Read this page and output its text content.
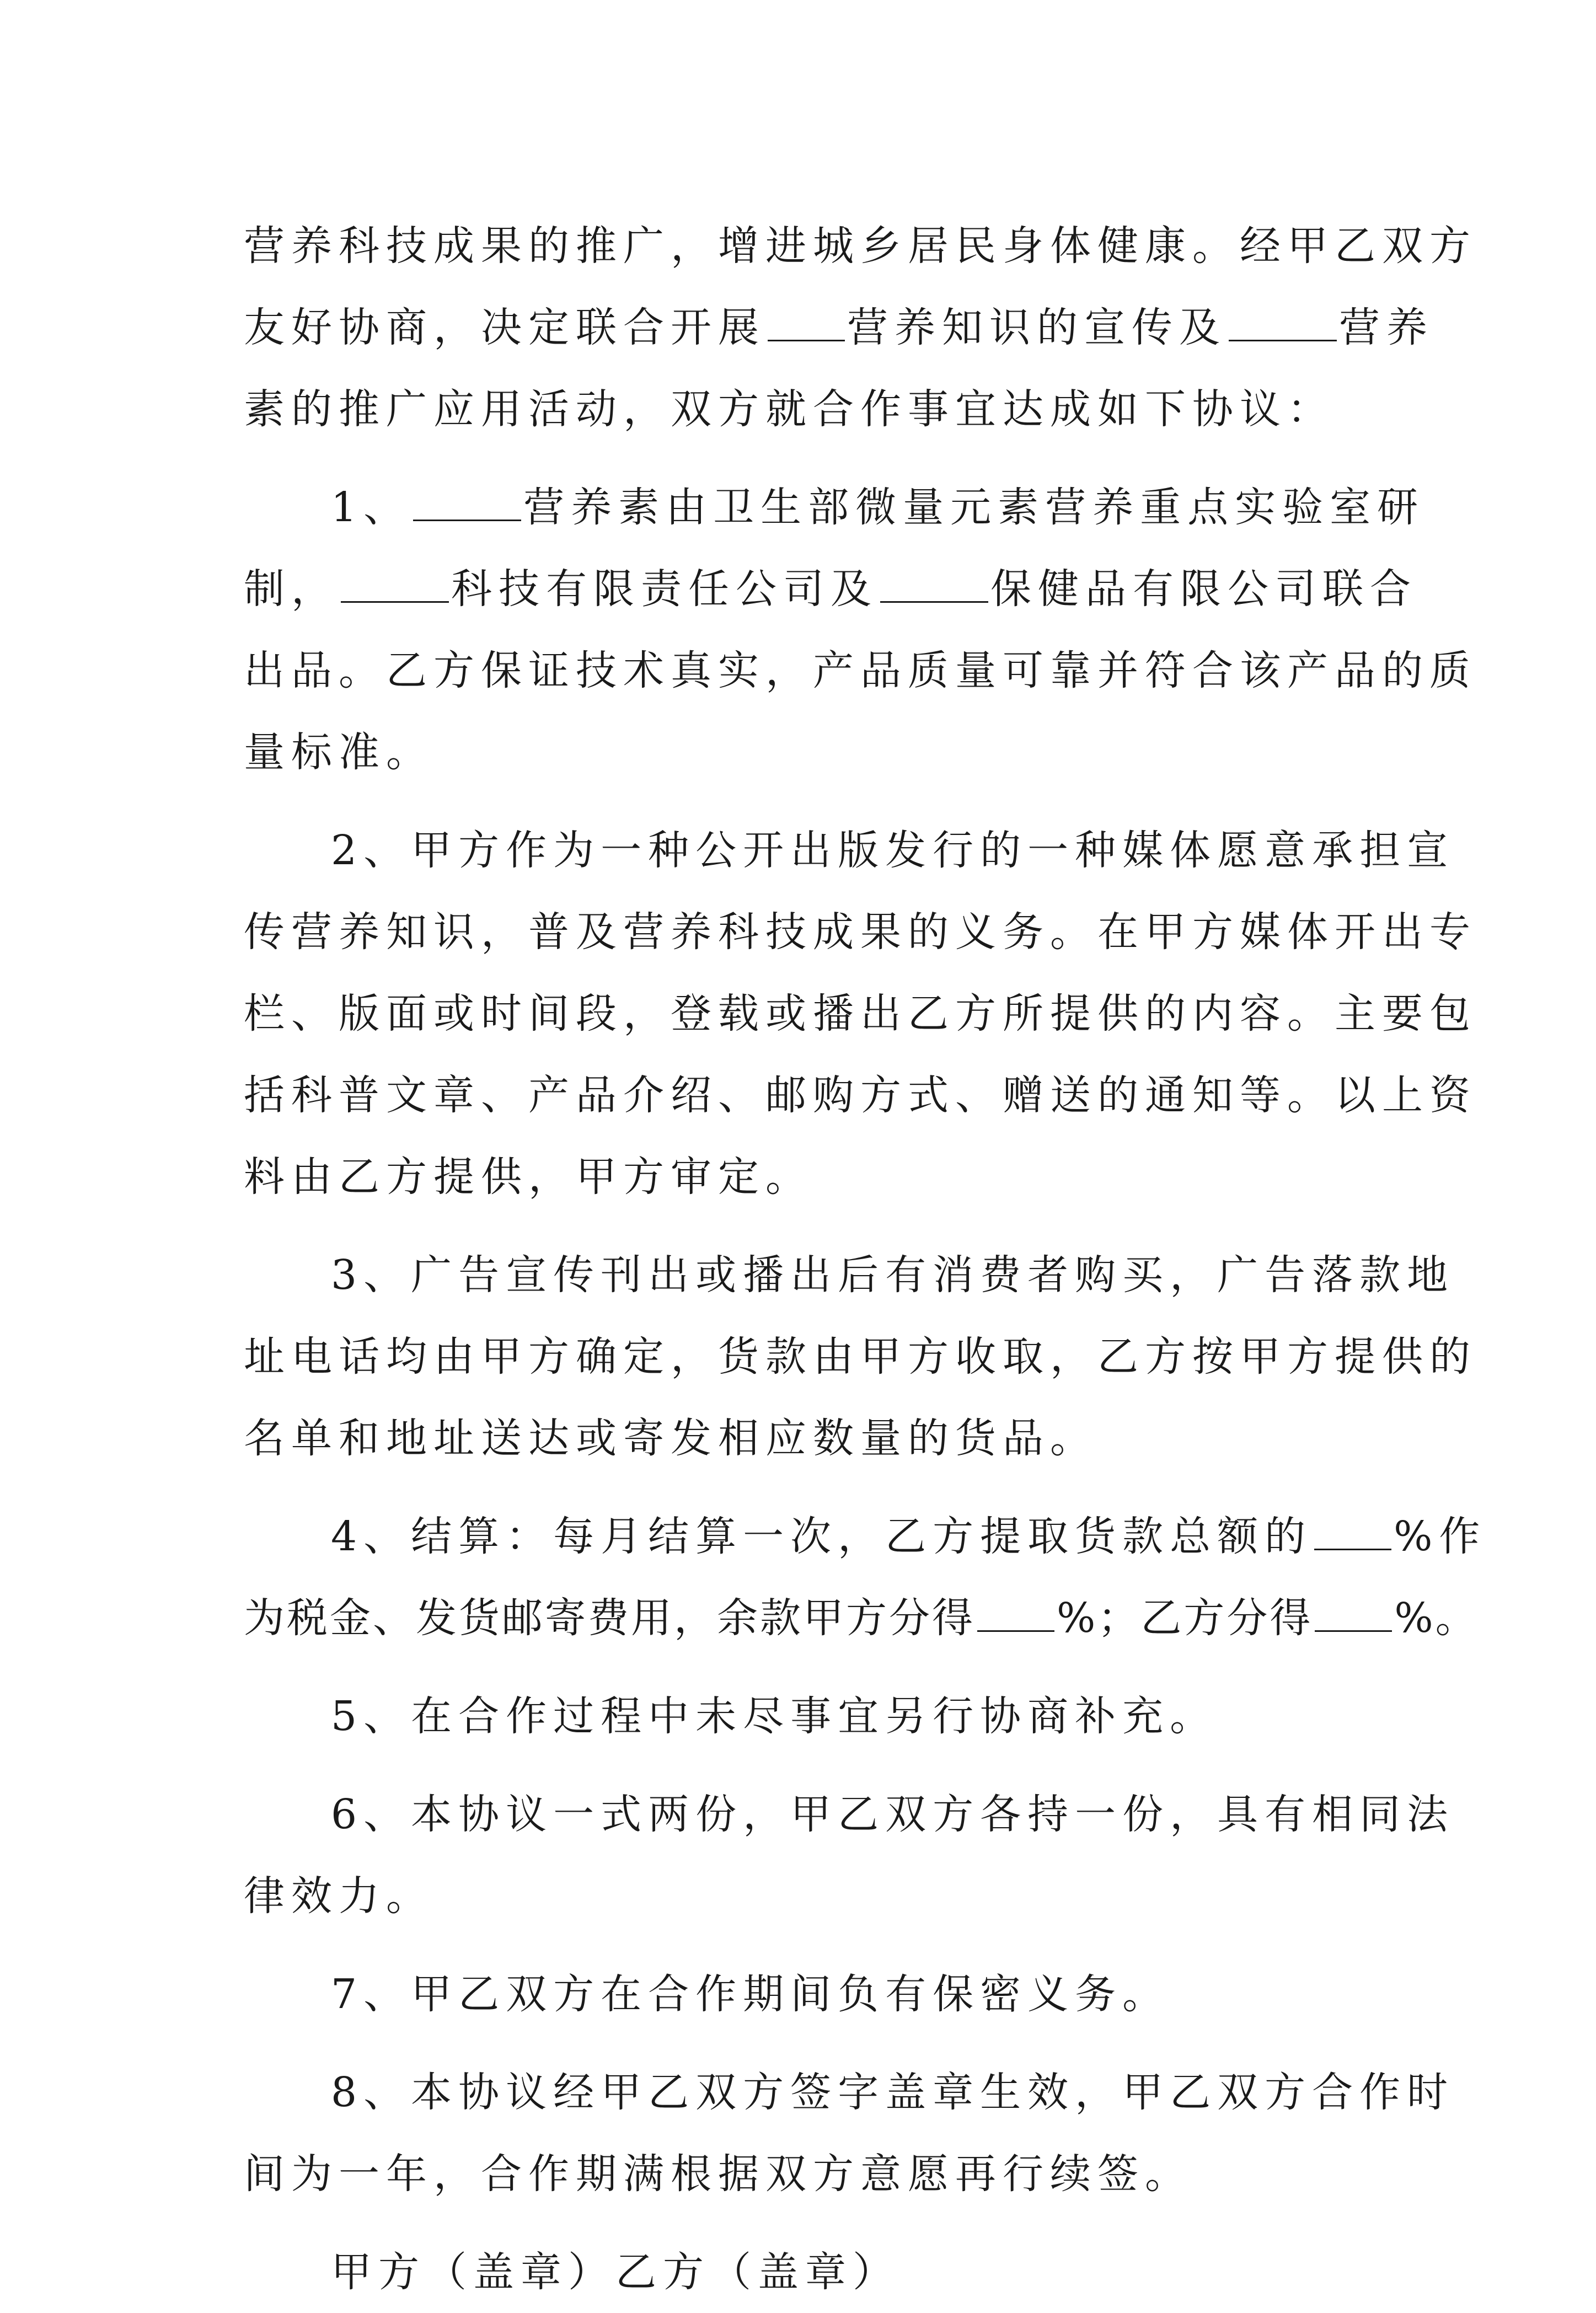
营养科技成果的推广，增进城乡居民身体健康。经甲乙双方
友好协商，决定联合开展 营养知识的宣传及	营养
素的推广应用活动，双方就合作事宜达成如下协议：
1、	营养素由卫生部微量元素营养重点实验室研
制，	科技有限责任公司及	保健品有限公司联合
出品。乙方保证技术真实，产品质量可靠并符合该产品的质
量标准。
2、甲方作为一种公开出版发行的一种媒体愿意承担宣
传营养知识，普及营养科技成果的义务。在甲方媒体开出专
栏、版面或时间段，登载或播出乙方所提供的内容。主要包
括科普文章、产品介绍、邮购方式、赠送的通知等。以上资
料由乙方提供，甲方审定。
3、广告宣传刊出或播出后有消费者购买，广告落款地
址电话均由甲方确定，货款由甲方收取，乙方按甲方提供的
名单和地址送达或寄发相应数量的货品。
4、结算：每月结算一次，乙方提取货款总额的 %作
为税金、发货邮寄费用，余款甲方分得 %；乙方分得 %。
5、在合作过程中未尽事宜另行协商补充。
6、本协议一式两份，甲乙双方各持一份，具有相同法
律效力。
7、甲乙双方在合作期间负有保密义务。
8、本协议经甲乙双方签字盖章生效，甲乙双方合作时
间为一年，合作期满根据双方意愿再行续签。
甲方（盖章）乙方（盖章）
